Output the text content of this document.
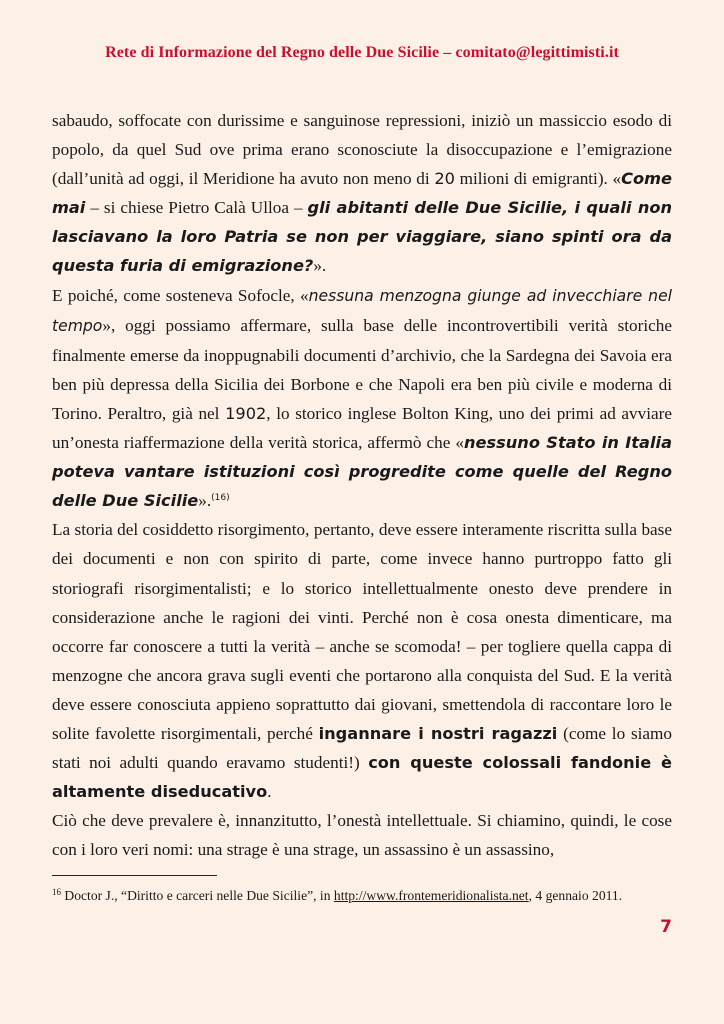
Rete di Informazione del Regno delle Due Sicilie – comitato@legittimisti.it

sabaudo, soffocate con durissime e sanguinose repressioni, iniziò un massiccio esodo di popolo, da quel Sud ove prima erano sconosciute la disoccupazione e l’emigrazione (dall’unità ad oggi, il Meridione ha avuto non meno di 20 milioni di emigranti). «Come mai – si chiese Pietro Calà Ulloa – gli abitanti delle Due Sicilie, i quali non lasciavano la loro Patria se non per viaggiare, siano spinti ora da questa furia di emigrazione?».

E poiché, come sosteneva Sofocle, «nessuna menzogna giunge ad invecchiare nel tempo», oggi possiamo affermare, sulla base delle incontrovertibili verità storiche finalmente emerse da inoppugnabili documenti d’archivio, che la Sardegna dei Savoia era ben più depressa della Sicilia dei Borbone e che Napoli era ben più civile e moderna di Torino. Peraltro, già nel 1902, lo storico inglese Bolton King, uno dei primi ad avviare un’onesta riaffermazione della verità storica, affermò che «nessuno Stato in Italia poteva vantare istituzioni così progredite come quelle del Regno delle Due Sicilie».$^{(16)}$

La storia del cosiddetto risorgimento, pertanto, deve essere interamente riscritta sulla base dei documenti e non con spirito di parte, come invece hanno purtroppo fatto gli storiografi risorgimentalisti; e lo storico intellettualmente onesto deve prendere in considerazione anche le ragioni dei vinti. Perché non è cosa onesta dimenticare, ma occorre far conoscere a tutti la verità – anche se scomoda! – per togliere quella cappa di menzogne che ancora grava sugli eventi che portarono alla conquista del Sud. E la verità deve essere conosciuta appieno soprattutto dai giovani, smettendola di raccontare loro le solite favolette risorgimentali, perché ingannare i nostri ragazzi (come lo siamo stati noi adulti quando eravamo studenti!) con queste colossali fandonie è altamente diseducativo.

Ciò che deve prevalere è, innanzitutto, l’onestà intellettuale. Si chiamino, quindi, le cose con i loro veri nomi: una strage è una strage, un assassino è un assassino,

$^{16}$ Doctor J., “Diritto e carceri nelle Due Sicilie”, in http://www.frontemeridionalista.net, 4 gennaio 2011.
7
